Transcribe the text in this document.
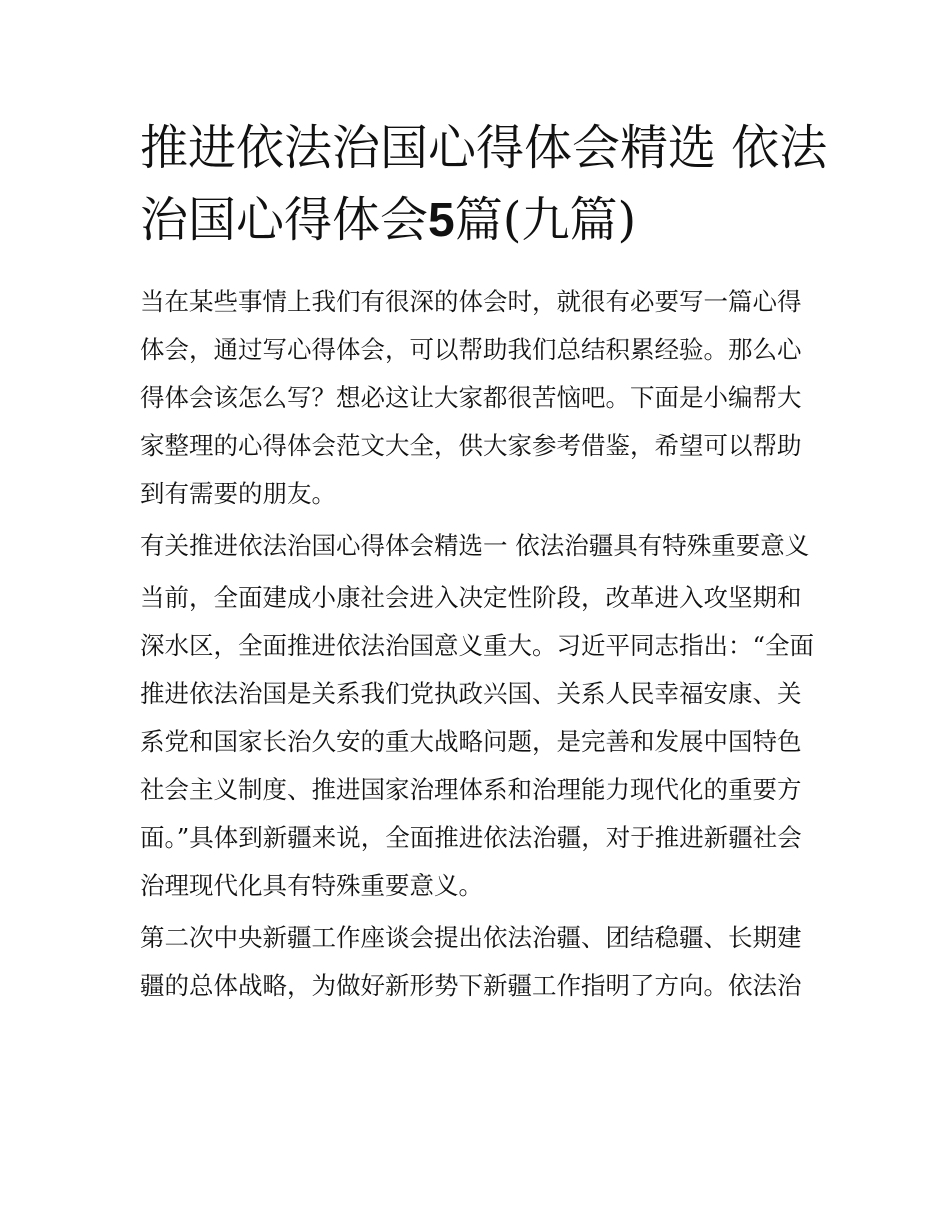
推进依法治国心得体会精选 依法治国心得体会5篇(九篇)

当在某些事情上我们有很深的体会时，就很有必要写一篇心得体会，通过写心得体会，可以帮助我们总结积累经验。那么心得体会该怎么写？想必这让大家都很苦恼吧。下面是小编帮大家整理的心得体会范文大全，供大家参考借鉴，希望可以帮助到有需要的朋友。

有关推进依法治国心得体会精选一 依法治疆具有特殊重要意义

当前，全面建成小康社会进入决定性阶段，改革进入攻坚期和深水区，全面推进依法治国意义重大。习近平同志指出：“全面推进依法治国是关系我们党执政兴国、关系人民幸福安康、关系党和国家长治久安的重大战略问题，是完善和发展中国特色社会主义制度、推进国家治理体系和治理能力现代化的重要方面。”具体到新疆来说，全面推进依法治疆，对于推进新疆社会治理现代化具有特殊重要意义。

第二次中央新疆工作座谈会提出依法治疆、团结稳疆、长期建疆的总体战略，为做好新形势下新疆工作指明了方向。依法治
